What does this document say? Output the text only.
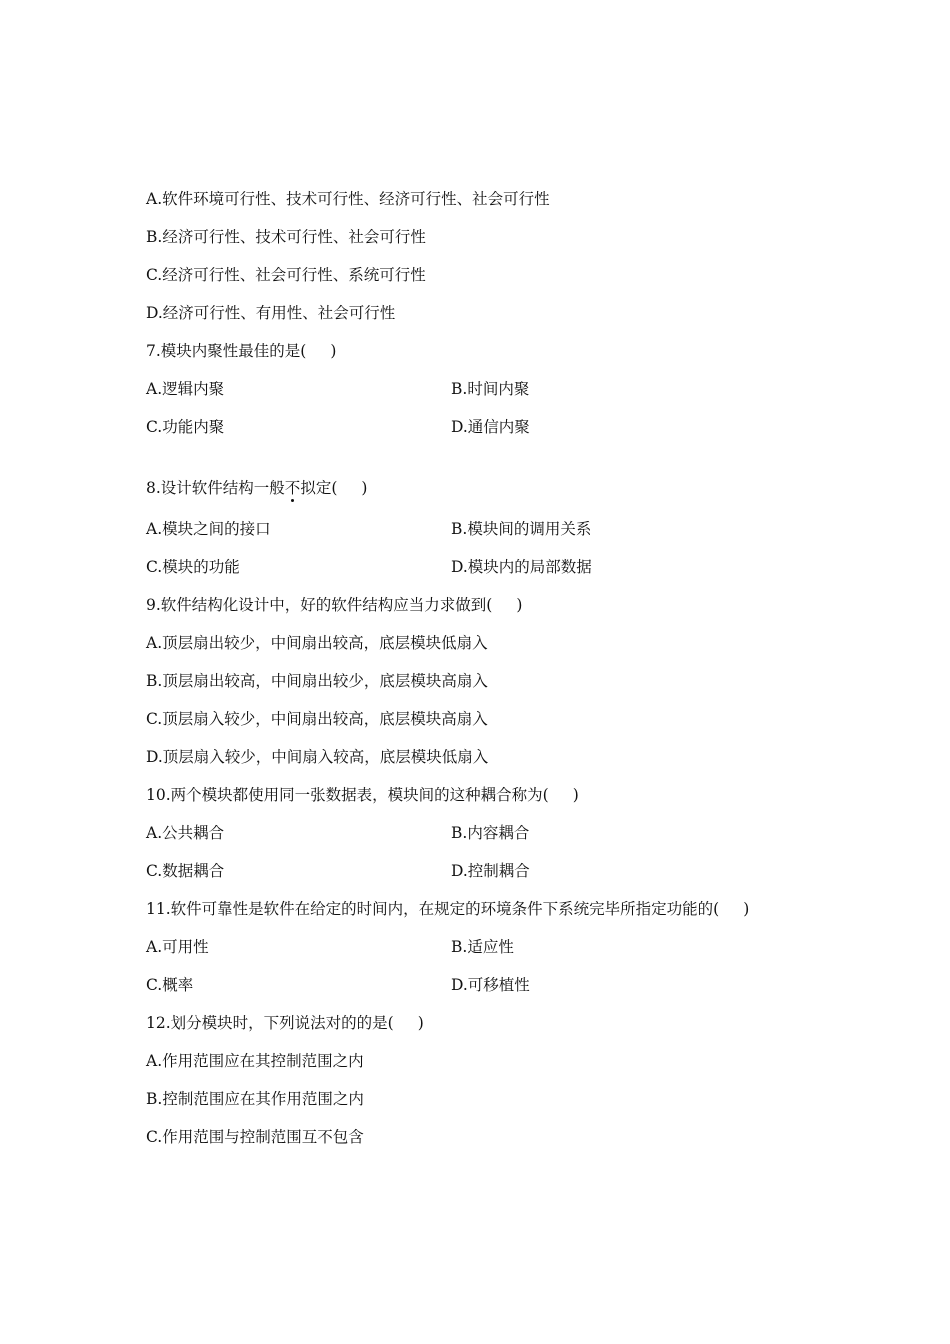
A.软件环境可行性、技术可行性、经济可行性、社会可行性
B.经济可行性、技术可行性、社会可行性
C.经济可行性、社会可行性、系统可行性
D.经济可行性、有用性、社会可行性
7.模块内聚性最佳的是( )
A.逻辑内聚	B.时间内聚
C.功能内聚	D.通信内聚
8.设计软件结构一般不拟定( )
A.模块之间的接口	B.模块间的调用关系
C.模块的功能	D.模块内的局部数据
9.软件结构化设计中，好的软件结构应当力求做到( )
A.顶层扇出较少，中间扇出较高，底层模块低扇入
B.顶层扇出较高，中间扇出较少，底层模块高扇入
C.顶层扇入较少，中间扇出较高，底层模块高扇入
D.顶层扇入较少，中间扇入较高，底层模块低扇入
10.两个模块都使用同一张数据表，模块间的这种耦合称为( )
A.公共耦合	B.内容耦合
C.数据耦合	D.控制耦合
11.软件可靠性是软件在给定的时间内，在规定的环境条件下系统完毕所指定功能的( )
A.可用性	B.适应性
C.概率	D.可移植性
12.划分模块时，下列说法对的的是( )
A.作用范围应在其控制范围之内
B.控制范围应在其作用范围之内
C.作用范围与控制范围互不包含
